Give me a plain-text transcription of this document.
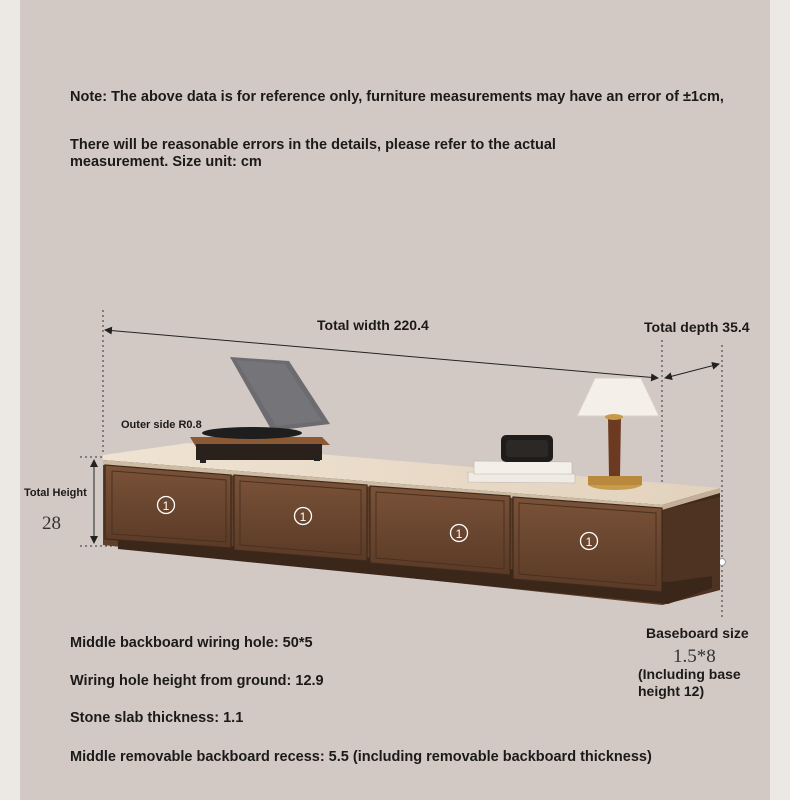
Note: The above data is for reference only, furniture measurements may have an error of ±1cm,
There will be reasonable errors in the details, please refer to the actual
measurement. Size unit: cm
1
1
1
1
Total width 220.4	Total depth 35.4
Outer side R0.8
Total Height
28
Baseboard size
1.5*8
(Including base
height 12)
Middle backboard wiring hole: 50*5
Wiring hole height from ground: 12.9
Stone slab thickness: 1.1
Middle removable backboard recess: 5.5 (including removable backboard thickness)
